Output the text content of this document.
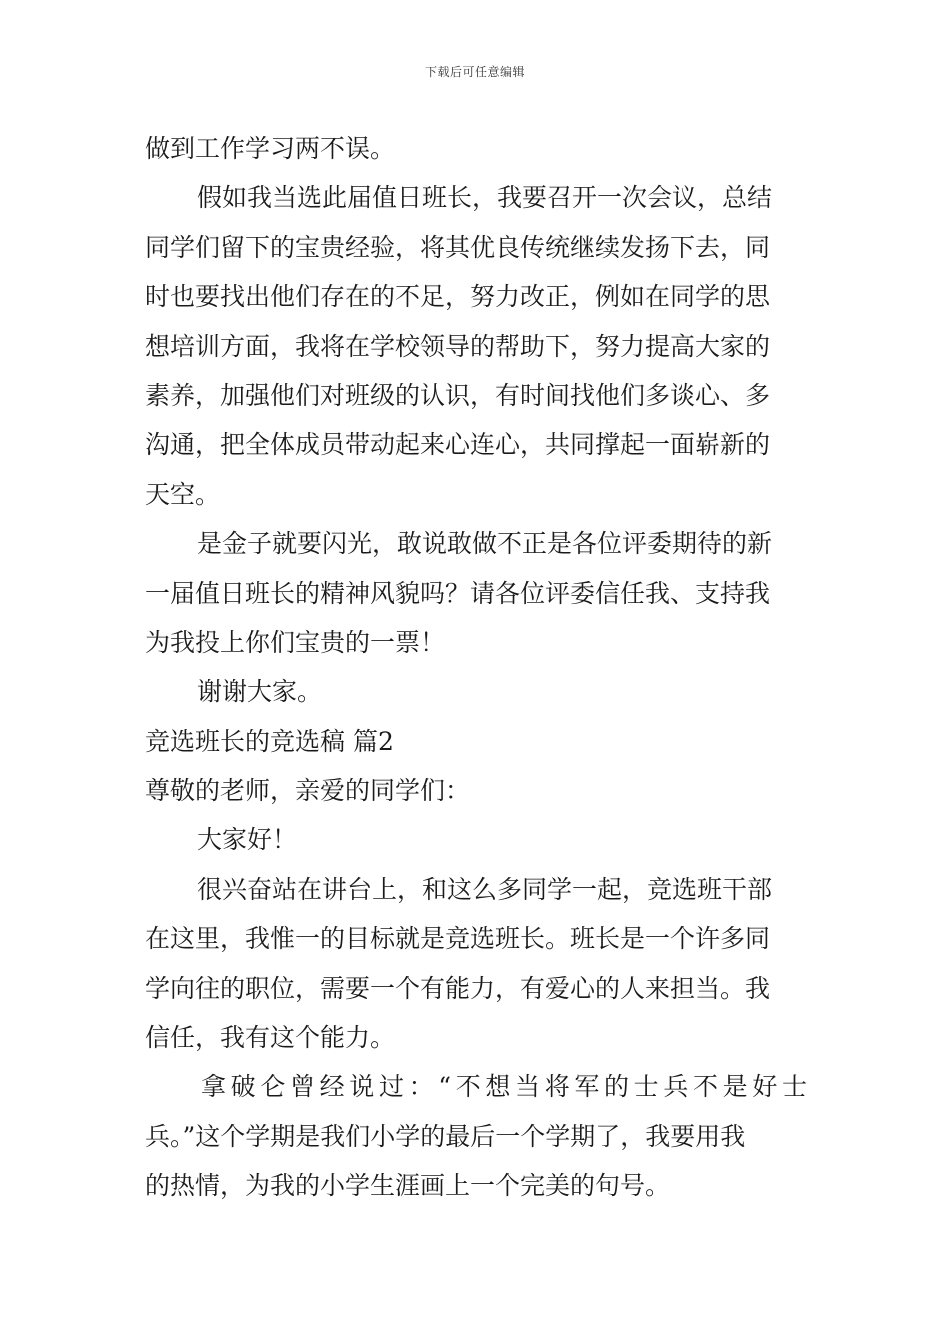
下载后可任意编辑
做到工作学习两不误。
假如我当选此届值日班长，我要召开一次会议，总结
同学们留下的宝贵经验，将其优良传统继续发扬下去，同
时也要找出他们存在的不足，努力改正，例如在同学的思
想培训方面，我将在学校领导的帮助下，努力提高大家的
素养，加强他们对班级的认识，有时间找他们多谈心、多
沟通，把全体成员带动起来心连心，共同撑起一面崭新的
天空。
是金子就要闪光，敢说敢做不正是各位评委期待的新
一届值日班长的精神风貌吗？请各位评委信任我、支持我
为我投上你们宝贵的一票！
谢谢大家。
竞选班长的竞选稿 篇2
尊敬的老师，亲爱的同学们：
大家好！
很兴奋站在讲台上，和这么多同学一起，竞选班干部
在这里，我惟一的目标就是竞选班长。班长是一个许多同
学向往的职位，需要一个有能力，有爱心的人来担当。我
信任，我有这个能力。
拿破仑曾经说过：“不想当将军的士兵不是好士
兵。”这个学期是我们小学的最后一个学期了，我要用我
的热情，为我的小学生涯画上一个完美的句号。
